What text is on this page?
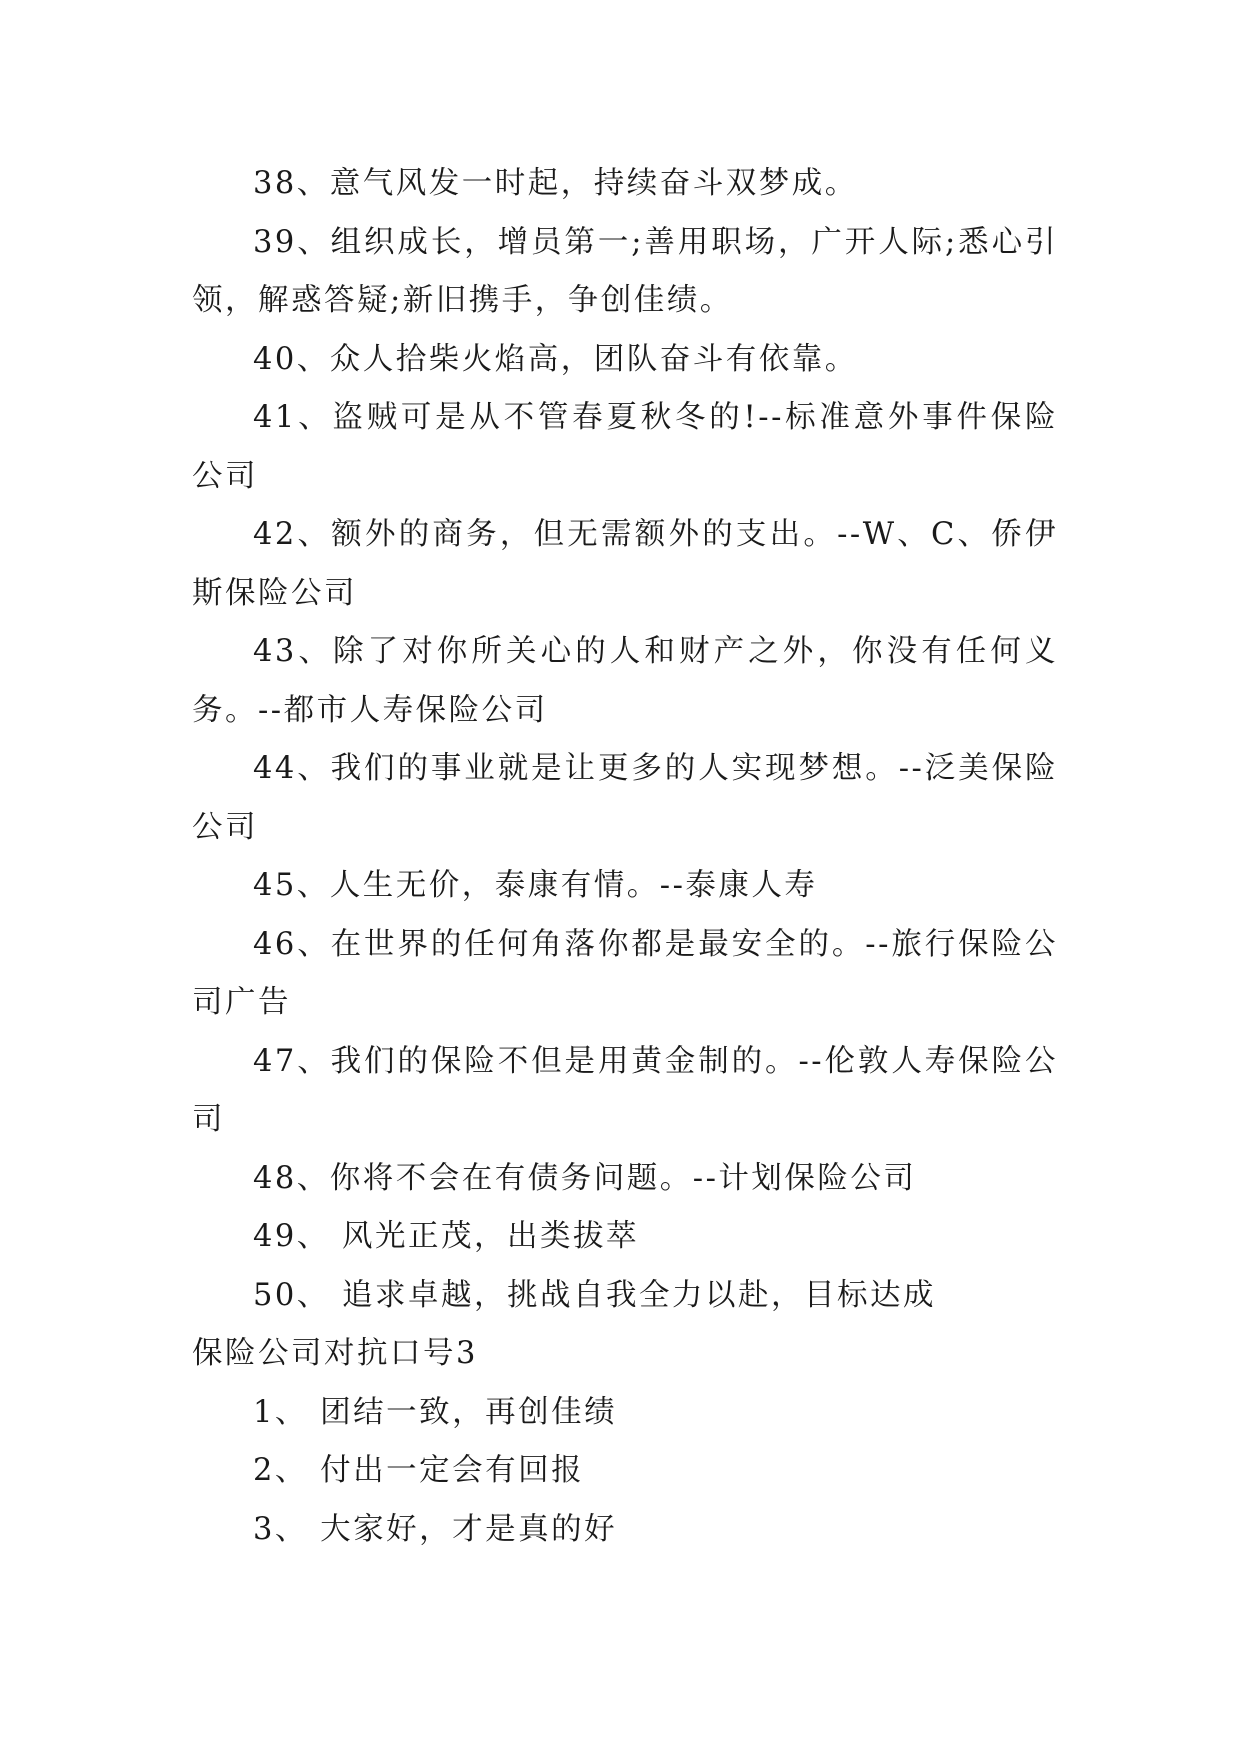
38、意气风发一时起，持续奋斗双梦成。

39、组织成长，增员第一;善用职场，广开人际;悉心引领，解惑答疑;新旧携手，争创佳绩。

40、众人拾柴火焰高，团队奋斗有依靠。

41、盗贼可是从不管春夏秋冬的!--标准意外事件保险公司

42、额外的商务，但无需额外的支出。--W、C、侨伊斯保险公司

43、除了对你所关心的人和财产之外，你没有任何义务。--都市人寿保险公司

44、我们的事业就是让更多的人实现梦想。--泛美保险公司

45、人生无价，泰康有情。--泰康人寿

46、在世界的任何角落你都是最安全的。--旅行保险公司广告

47、我们的保险不但是用黄金制的。--伦敦人寿保险公司

48、你将不会在有债务问题。--计划保险公司

49、 风光正茂，出类拔萃

50、 追求卓越，挑战自我全力以赴，目标达成

保险公司对抗口号3

1、 团结一致，再创佳绩

2、 付出一定会有回报

3、 大家好，才是真的好
